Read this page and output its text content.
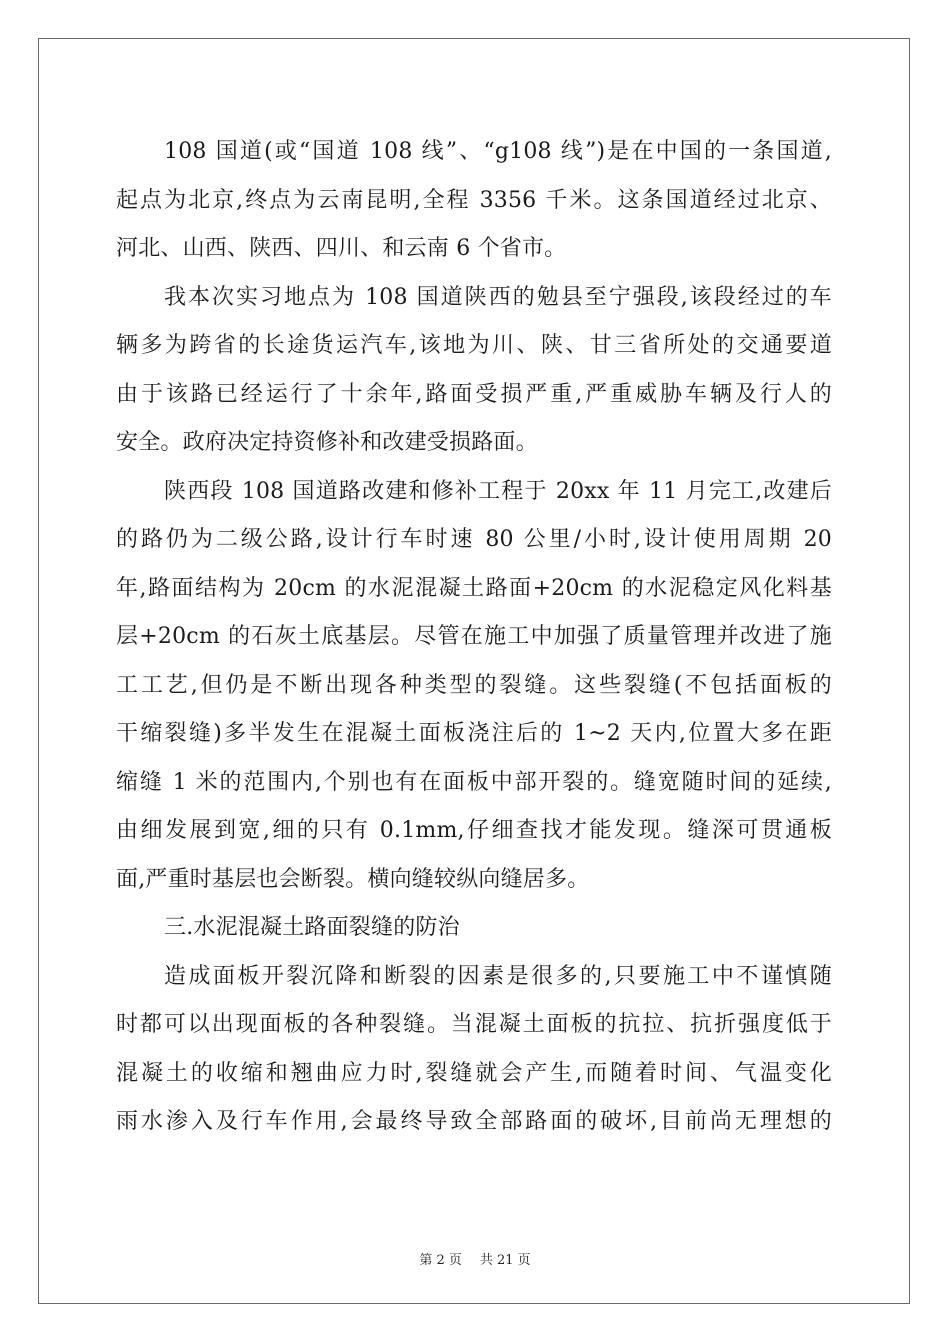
108 国道(或“国道 108 线”、“g108 线”)是在中国的一条国道,
起点为北京,终点为云南昆明,全程 3356 千米。这条国道经过北京、
河北、山西、陕西、四川、和云南 6 个省市。
我本次实习地点为 108 国道陕西的勉县至宁强段,该段经过的车
辆多为跨省的长途货运汽车,该地为川、陕、甘三省所处的交通要道
由于该路已经运行了十余年,路面受损严重,严重威胁车辆及行人的
安全。政府决定持资修补和改建受损路面。
陕西段 108 国道路改建和修补工程于 20xx 年 11 月完工,改建后
的路仍为二级公路,设计行车时速 80 公里/小时,设计使用周期 20
年,路面结构为 20cm 的水泥混凝土路面+20cm 的水泥稳定风化料基
层+20cm 的石灰土底基层。尽管在施工中加强了质量管理并改进了施
工工艺,但仍是不断出现各种类型的裂缝。这些裂缝(不包括面板的
干缩裂缝)多半发生在混凝土面板浇注后的 1~2 天内,位置大多在距
缩缝 1 米的范围内,个别也有在面板中部开裂的。缝宽随时间的延续,
由细发展到宽,细的只有 0.1mm,仔细查找才能发现。缝深可贯通板
面,严重时基层也会断裂。横向缝较纵向缝居多。
三.水泥混凝土路面裂缝的防治
造成面板开裂沉降和断裂的因素是很多的,只要施工中不谨慎随
时都可以出现面板的各种裂缝。当混凝土面板的抗拉、抗折强度低于
混凝土的收缩和翘曲应力时,裂缝就会产生,而随着时间、气温变化
雨水渗入及行车作用,会最终导致全部路面的破坏,目前尚无理想的
第 2 页 共 21 页
